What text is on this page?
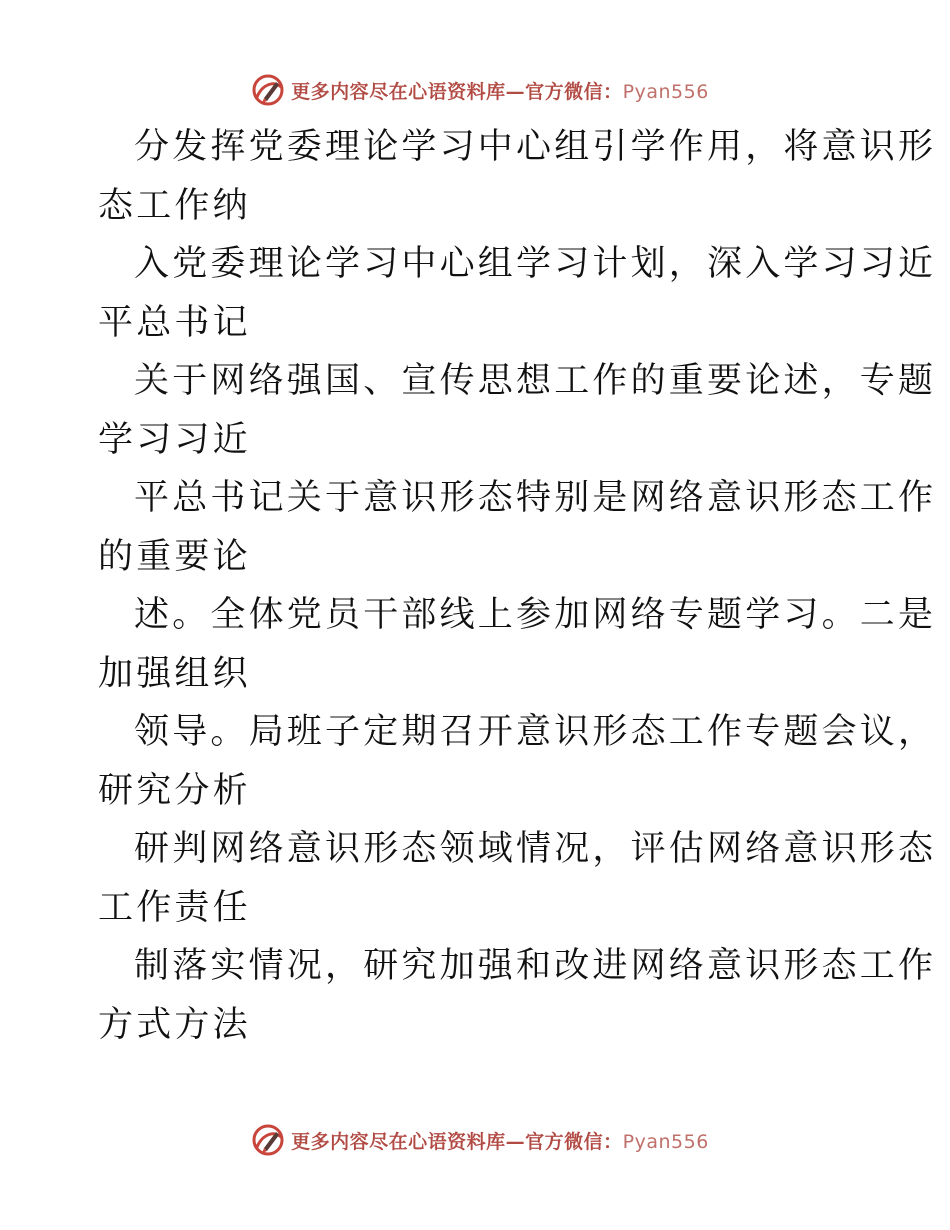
更多内容尽在心语资料库—官方微信：Pyan556
分发挥党委理论学习中心组引学作用，将意识形
态工作纳
入党委理论学习中心组学习计划，深入学习习近
平总书记
关于网络强国、宣传思想工作的重要论述，专题
学习习近
平总书记关于意识形态特别是网络意识形态工作
的重要论
述。全体党员干部线上参加网络专题学习。二是
加强组织
领导。局班子定期召开意识形态工作专题会议，
研究分析
研判网络意识形态领域情况，评估网络意识形态
工作责任
制落实情况，研究加强和改进网络意识形态工作
方式方法
更多内容尽在心语资料库—官方微信：Pyan556
